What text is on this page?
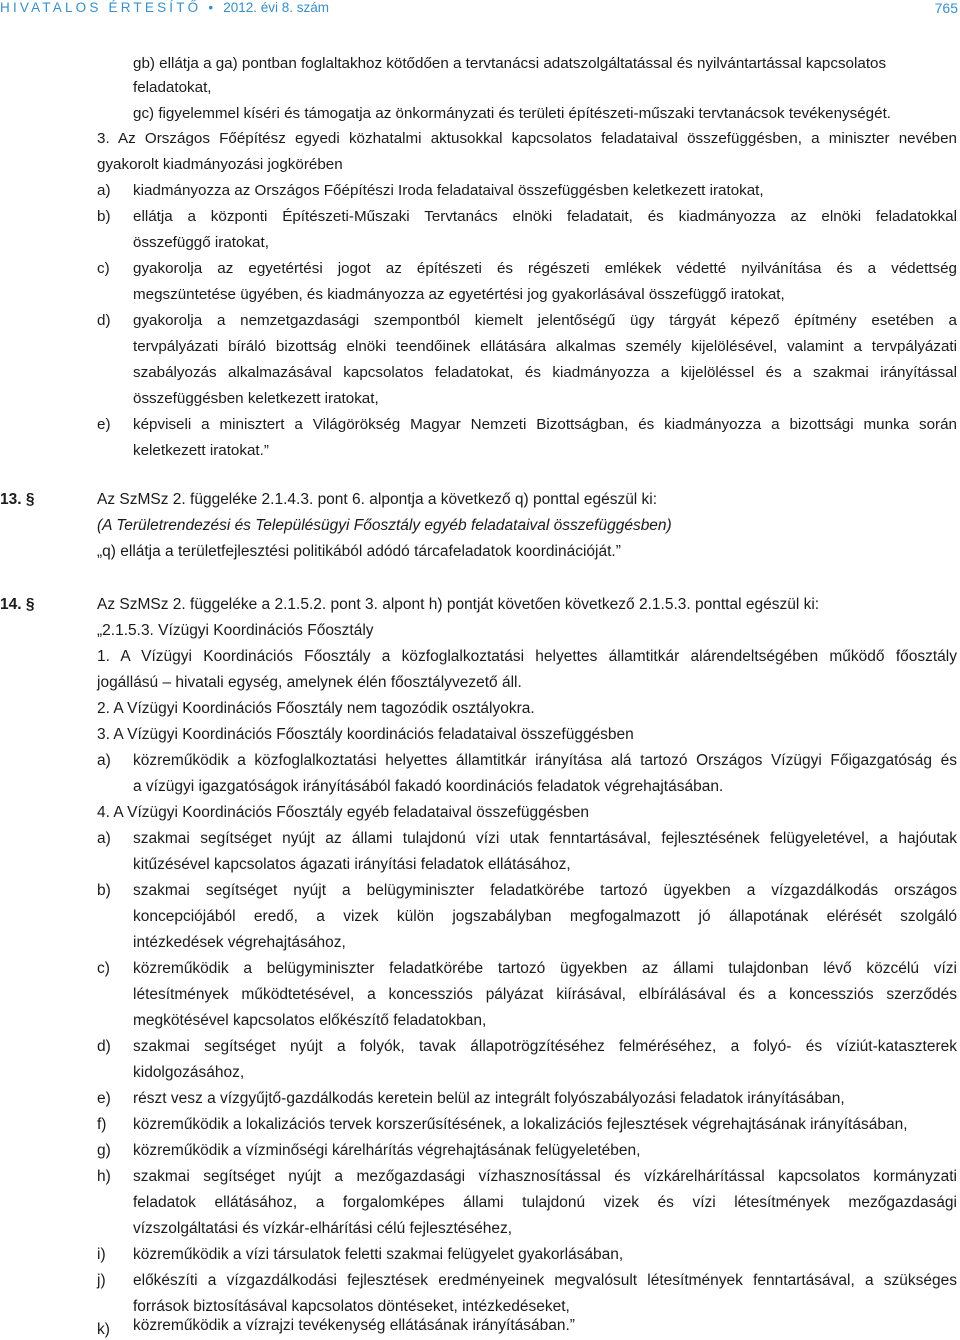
HIVATALOS ÉRTESÍTŐ • 2012. évi 8. szám	765
gb) ellátja a ga) pontban foglaltakhoz kötődően a tervtanácsi adatszolgáltatással és nyilvántartással kapcsolatos
feladatokat,
gc) figyelemmel kíséri és támogatja az önkormányzati és területi építészeti-műszaki tervtanácsok tevékenységét.
3. Az Országos Főépítész egyedi közhatalmi aktusokkal kapcsolatos feladataival összefüggésben, a miniszter nevében
gyakorolt kiadmányozási jogkörében
a) kiadmányozza az Országos Főépítészi Iroda feladataival összefüggésben keletkezett iratokat,
b) ellátja a központi Építészeti-Műszaki Tervtanács elnöki feladatait, és kiadmányozza az elnöki feladatokkal
összefüggő iratokat,
c) gyakorolja az egyetértési jogot az építészeti és régészeti emlékek védetté nyilvánítása és a védettség
megszüntetése ügyében, és kiadmányozza az egyetértési jog gyakorlásával összefüggő iratokat,
d) gyakorolja a nemzetgazdasági szempontból kiemelt jelentőségű ügy tárgyát képező építmény esetében a
tervpályázati bíráló bizottság elnöki teendőinek ellátására alkalmas személy kijelölésével, valamint a tervpályázati
szabályozás alkalmazásával kapcsolatos feladatokat, és kiadmányozza a kijelöléssel és a szakmai irányítással
összefüggésben keletkezett iratokat,
e) képviseli a minisztert a Világörökség Magyar Nemzeti Bizottságban, és kiadmányozza a bizottsági munka során
keletkezett iratokat.”
13. §	Az SzMSz 2. függeléke 2.1.4.3. pont 6. alpontja a következő q) ponttal egészül ki:
(A Területrendezési és Településügyi Főosztály egyéb feladataival összefüggésben)
„q) ellátja a területfejlesztési politikából adódó tárcafeladatok koordinációját.”
14. §	Az SzMSz 2. függeléke a 2.1.5.2. pont 3. alpont h) pontját követően következő 2.1.5.3. ponttal egészül ki:
„2.1.5.3. Vízügyi Koordinációs Főosztály
1. A Vízügyi Koordinációs Főosztály a közfoglalkoztatási helyettes államtitkár alárendeltségében működő főosztály
jogállású – hivatali egység, amelynek élén főosztályvezető áll.
2. A Vízügyi Koordinációs Főosztály nem tagozódik osztályokra.
3. A Vízügyi Koordinációs Főosztály koordinációs feladataival összefüggésben
a) közreműködik a közfoglalkoztatási helyettes államtitkár irányítása alá tartozó Országos Vízügyi Főigazgatóság és
a vízügyi igazgatóságok irányításából fakadó koordinációs feladatok végrehajtásában.
4. A Vízügyi Koordinációs Főosztály egyéb feladataival összefüggésben
a) szakmai segítséget nyújt az állami tulajdonú vízi utak fenntartásával, fejlesztésének felügyeletével, a hajóutak
kitűzésével kapcsolatos ágazati irányítási feladatok ellátásához,
b) szakmai segítséget nyújt a belügyminiszter feladatkörébe tartozó ügyekben a vízgazdálkodás országos
koncepciójából eredő, a vizek külön jogszabályban megfogalmazott jó állapotának elérését szolgáló
intézkedések végrehajtásához,
c) közreműködik a belügyminiszter feladatkörébe tartozó ügyekben az állami tulajdonban lévő közcélú vízi
létesítmények működtetésével, a koncessziós pályázat kiírásával, elbírálásával és a koncessziós szerződés
megkötésével kapcsolatos előkészítő feladatokban,
d) szakmai segítséget nyújt a folyók, tavak állapotrögzítéséhez felméréséhez, a folyó- és víziút-kataszterek
kidolgozásához,
e) részt vesz a vízgyűjtő-gazdálkodás keretein belül az integrált folyószabályozási feladatok irányításában,
f) közreműködik a lokalizációs tervek korszerűsítésének, a lokalizációs fejlesztések végrehajtásának irányításában,
g) közreműködik a vízminőségi kárelhárítás végrehajtásának felügyeletében,
h) szakmai segítséget nyújt a mezőgazdasági vízhasznosítással és vízkárelhárítással kapcsolatos kormányzati
feladatok ellátásához, a forgalomképes állami tulajdonú vizek és vízi létesítmények mezőgazdasági
vízszolgáltatási és vízkár-elhárítási célú fejlesztéséhez,
i) közreműködik a vízi társulatok feletti szakmai felügyelet gyakorlásában,
j) előkészíti a vízgazdálkodási fejlesztések eredményeinek megvalósult létesítmények fenntartásával, a szükséges
források biztosításával kapcsolatos döntéseket, intézkedéseket,
k) közreműködik a vízrajzi tevékenység ellátásának irányításában.”
